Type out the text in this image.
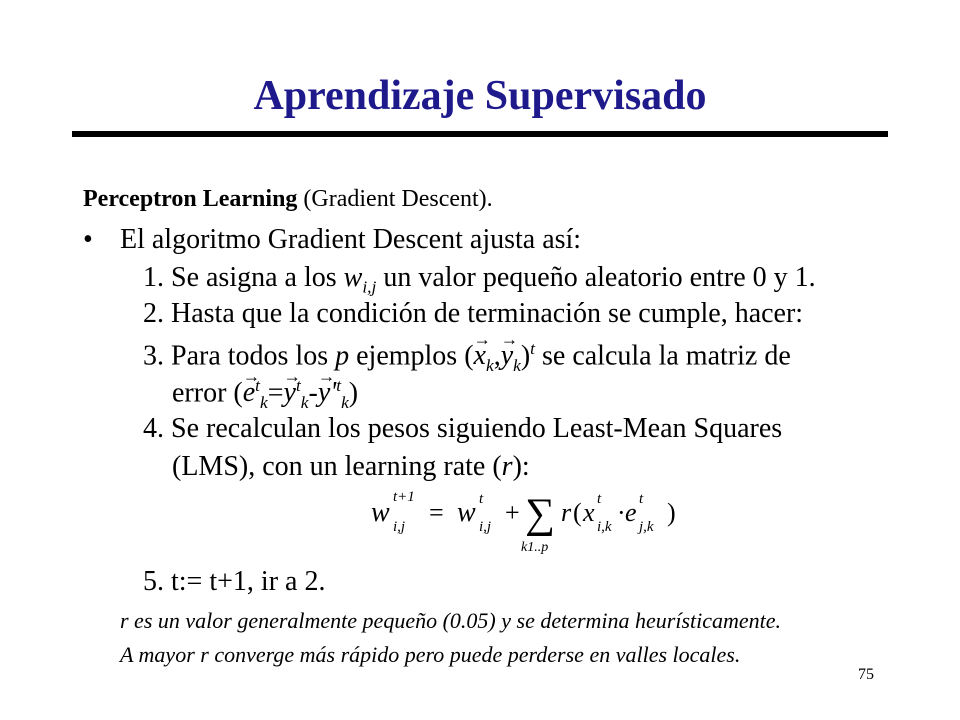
Aprendizaje Supervisado
Perceptron Learning (Gradient Descent).
• El algoritmo Gradient Descent ajusta así:
1. Se asigna a los $w_{i,j}$ un valor pequeño aleatorio entre 0 y 1.
2. Hasta que la condición de terminación se cumple, hacer:
3. Para todos los p ejemplos (→ $x_k,\to y_k)^t$ se calcula la matriz de
error (→ $e^t_k=\to y^t_k-\to y'^t_k$)
4. Se recalculan los pesos siguiendo Least-Mean Squares
(LMS), con un learning rate (r):
w t+1
i,j = w t
i,j + ∑
k1..p
r ( x t
i,k · e t
j,k )
5. t:= t+1, ir a 2.
r es un valor generalmente pequeño (0.05) y se determina heurísticamente.
A mayor r converge más rápido pero puede perderse en valles locales.
75
